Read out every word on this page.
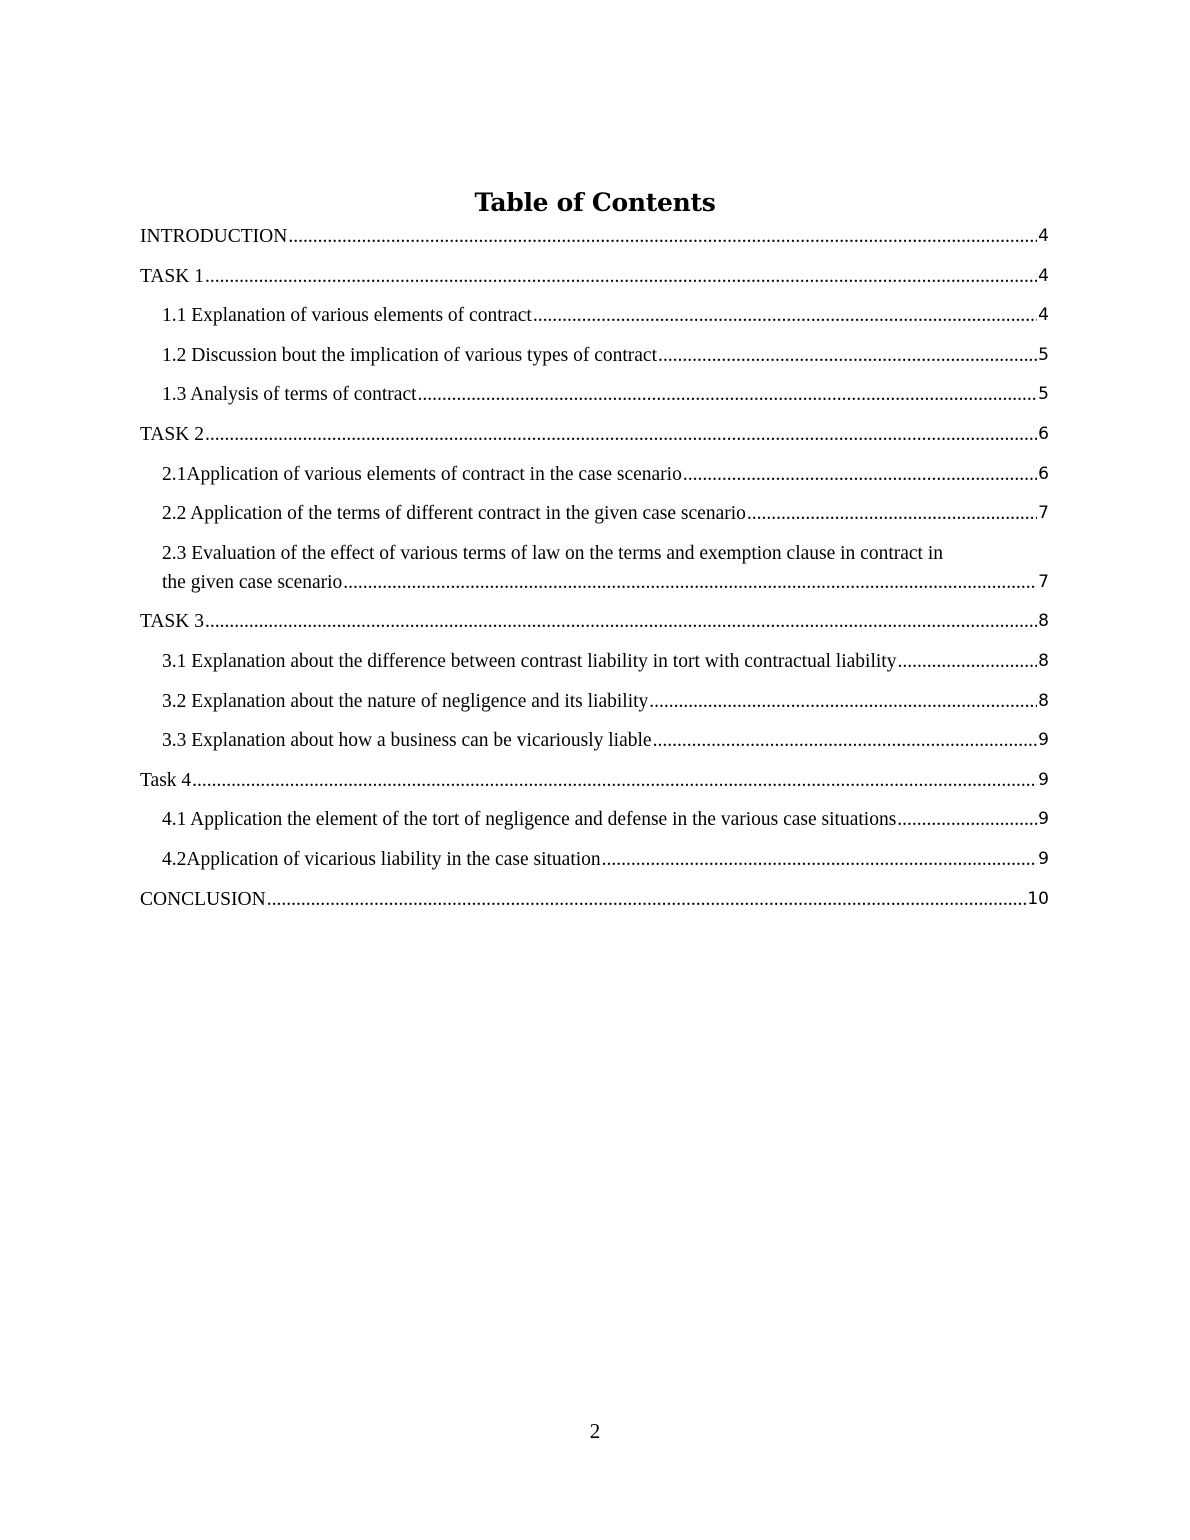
Table of Contents
INTRODUCTION .....	4
TASK 1 .....	4
1.1 Explanation of various elements of contract .....	4
1.2 Discussion bout the implication of various types of contract .....	5
1.3 Analysis of terms of contract .....	5
TASK 2 .....	6
2.1Application of various elements of contract in the case scenario .....	6
2.2 Application of the terms of different contract in the given case scenario .....	7
2.3 Evaluation of the effect of various terms of law on the terms and exemption clause in contract in
the given case scenario .....	7
TASK 3 .....	8
3.1 Explanation about the difference between contrast liability in tort with contractual liability .....	8
3.2 Explanation about the nature of negligence and its liability .....	8
3.3 Explanation about how a business can be vicariously liable .....	9
Task 4 .....	9
4.1 Application the element of the tort of negligence and defense in the various case situations .....	9
4.2Application of vicarious liability in the case situation .....	9
CONCLUSION .....	10
2
